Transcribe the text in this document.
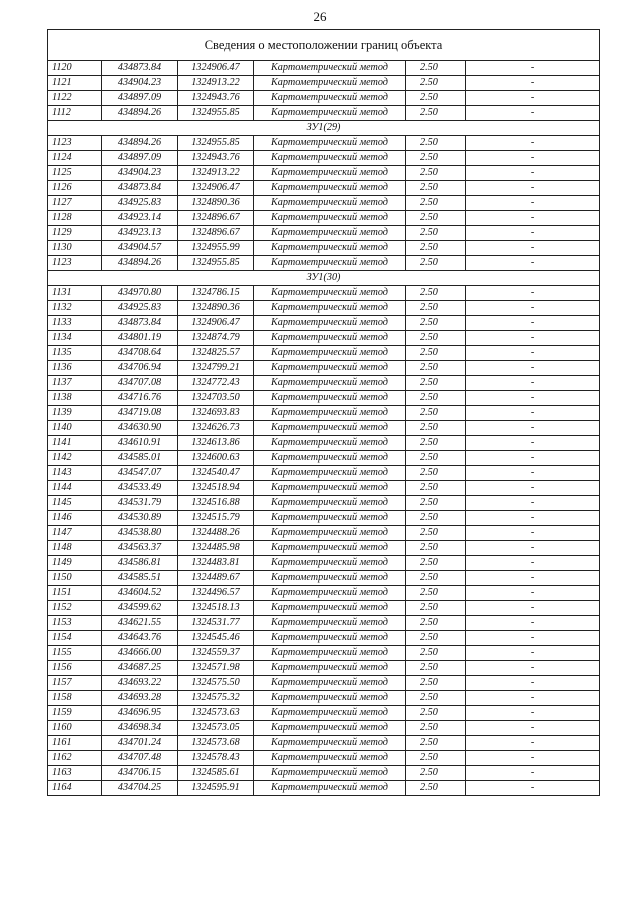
26
Сведения о местоположении границ объекта					
1120	434873.84	1324906.47	Картометрический метод	2.50	-
1121	434904.23	1324913.22	Картометрический метод	2.50	-
1122	434897.09	1324943.76	Картометрический метод	2.50	-
1112	434894.26	1324955.85	Картометрический метод	2.50	-
ЗУ1(29)					
1123	434894.26	1324955.85	Картометрический метод	2.50	-
1124	434897.09	1324943.76	Картометрический метод	2.50	-
1125	434904.23	1324913.22	Картометрический метод	2.50	-
1126	434873.84	1324906.47	Картометрический метод	2.50	-
1127	434925.83	1324890.36	Картометрический метод	2.50	-
1128	434923.14	1324896.67	Картометрический метод	2.50	-
1129	434923.13	1324896.67	Картометрический метод	2.50	-
1130	434904.57	1324955.99	Картометрический метод	2.50	-
1123	434894.26	1324955.85	Картометрический метод	2.50	-
ЗУ1(30)					
1131	434970.80	1324786.15	Картометрический метод	2.50	-
1132	434925.83	1324890.36	Картометрический метод	2.50	-
1133	434873.84	1324906.47	Картометрический метод	2.50	-
1134	434801.19	1324874.79	Картометрический метод	2.50	-
1135	434708.64	1324825.57	Картометрический метод	2.50	-
1136	434706.94	1324799.21	Картометрический метод	2.50	-
1137	434707.08	1324772.43	Картометрический метод	2.50	-
1138	434716.76	1324703.50	Картометрический метод	2.50	-
1139	434719.08	1324693.83	Картометрический метод	2.50	-
1140	434630.90	1324626.73	Картометрический метод	2.50	-
1141	434610.91	1324613.86	Картометрический метод	2.50	-
1142	434585.01	1324600.63	Картометрический метод	2.50	-
1143	434547.07	1324540.47	Картометрический метод	2.50	-
1144	434533.49	1324518.94	Картометрический метод	2.50	-
1145	434531.79	1324516.88	Картометрический метод	2.50	-
1146	434530.89	1324515.79	Картометрический метод	2.50	-
1147	434538.80	1324488.26	Картометрический метод	2.50	-
1148	434563.37	1324485.98	Картометрический метод	2.50	-
1149	434586.81	1324483.81	Картометрический метод	2.50	-
1150	434585.51	1324489.67	Картометрический метод	2.50	-
1151	434604.52	1324496.57	Картометрический метод	2.50	-
1152	434599.62	1324518.13	Картометрический метод	2.50	-
1153	434621.55	1324531.77	Картометрический метод	2.50	-
1154	434643.76	1324545.46	Картометрический метод	2.50	-
1155	434666.00	1324559.37	Картометрический метод	2.50	-
1156	434687.25	1324571.98	Картометрический метод	2.50	-
1157	434693.22	1324575.50	Картометрический метод	2.50	-
1158	434693.28	1324575.32	Картометрический метод	2.50	-
1159	434696.95	1324573.63	Картометрический метод	2.50	-
1160	434698.34	1324573.05	Картометрический метод	2.50	-
1161	434701.24	1324573.68	Картометрический метод	2.50	-
1162	434707.48	1324578.43	Картометрический метод	2.50	-
1163	434706.15	1324585.61	Картометрический метод	2.50	-
1164	434704.25	1324595.91	Картометрический метод	2.50	-
